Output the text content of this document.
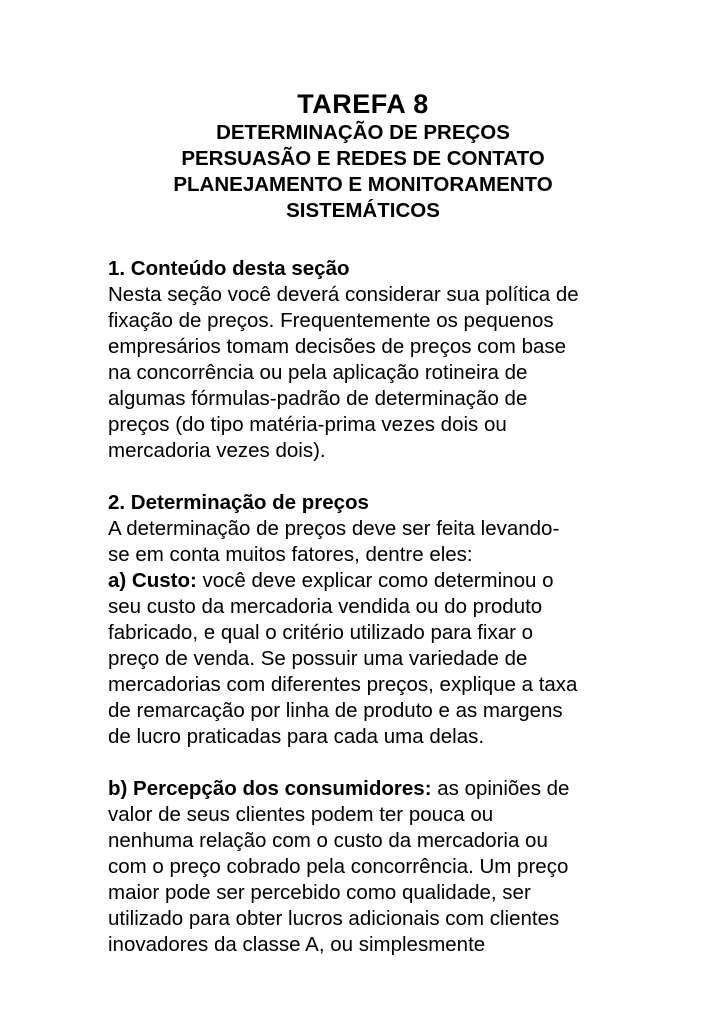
TAREFA 8

DETERMINAÇÃO DE PREÇOS

PERSUASÃO E REDES DE CONTATO

PLANEJAMENTO E MONITORAMENTO

SISTEMÁTICOS

1. Conteúdo desta seção

Nesta seção você deverá considerar sua política de
fixação de preços. Frequentemente os pequenos
empresários tomam decisões de preços com base
na concorrência ou pela aplicação rotineira de
algumas fórmulas-padrão de determinação de
preços (do tipo matéria-prima vezes dois ou
mercadoria vezes dois).

2. Determinação de preços

A determinação de preços deve ser feita levando-
se em conta muitos fatores, dentre eles:

a) Custo: você deve explicar como determinou o
seu custo da mercadoria vendida ou do produto
fabricado, e qual o critério utilizado para fixar o
preço de venda. Se possuir uma variedade de
mercadorias com diferentes preços, explique a taxa
de remarcação por linha de produto e as margens
de lucro praticadas para cada uma delas.

b) Percepção dos consumidores: as opiniões de
valor de seus clientes podem ter pouca ou
nenhuma relação com o custo da mercadoria ou
com o preço cobrado pela concorrência. Um preço
maior pode ser percebido como qualidade, ser
utilizado para obter lucros adicionais com clientes
inovadores da classe A, ou simplesmente
